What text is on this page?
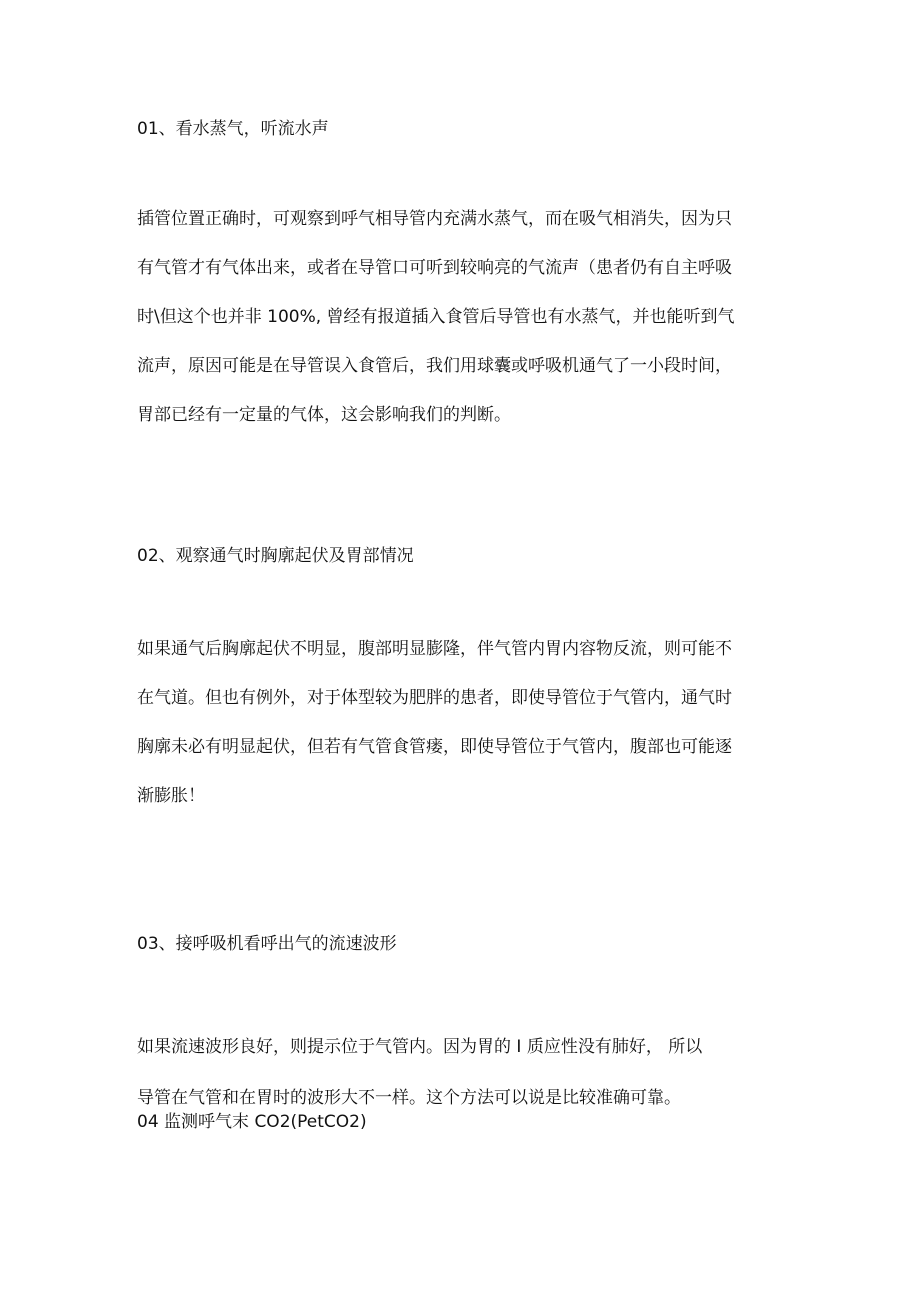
01、看水蒸气，听流水声
插管位置正确时，可观察到呼气相导管内充满水蒸气，而在吸气相消失，因为只
有气管才有气体出来，或者在导管口可听到较响亮的气流声（患者仍有自主呼吸
时\但这个也并非 100%, 曾经有报道插入食管后导管也有水蒸气，并也能听到气
流声，原因可能是在导管误入食管后，我们用球囊或呼吸机通气了一小段时间，
胃部已经有一定量的气体，这会影响我们的判断。
02、观察通气时胸廓起伏及胃部情况
如果通气后胸廓起伏不明显，腹部明显膨隆，伴气管内胃内容物反流，则可能不
在气道。但也有例外，对于体型较为肥胖的患者，即使导管位于气管内，通气时
胸廓未必有明显起伏，但若有气管食管瘘，即使导管位于气管内，腹部也可能逐
渐膨胀！
03、接呼吸机看呼出气的流速波形
如果流速波形良好，则提示位于气管内。因为胃的 I 质应性没有肺好， 所以
导管在气管和在胃时的波形大不一样。这个方法可以说是比较准确可靠。
04 监测呼气末 CO2(PetCO2)
